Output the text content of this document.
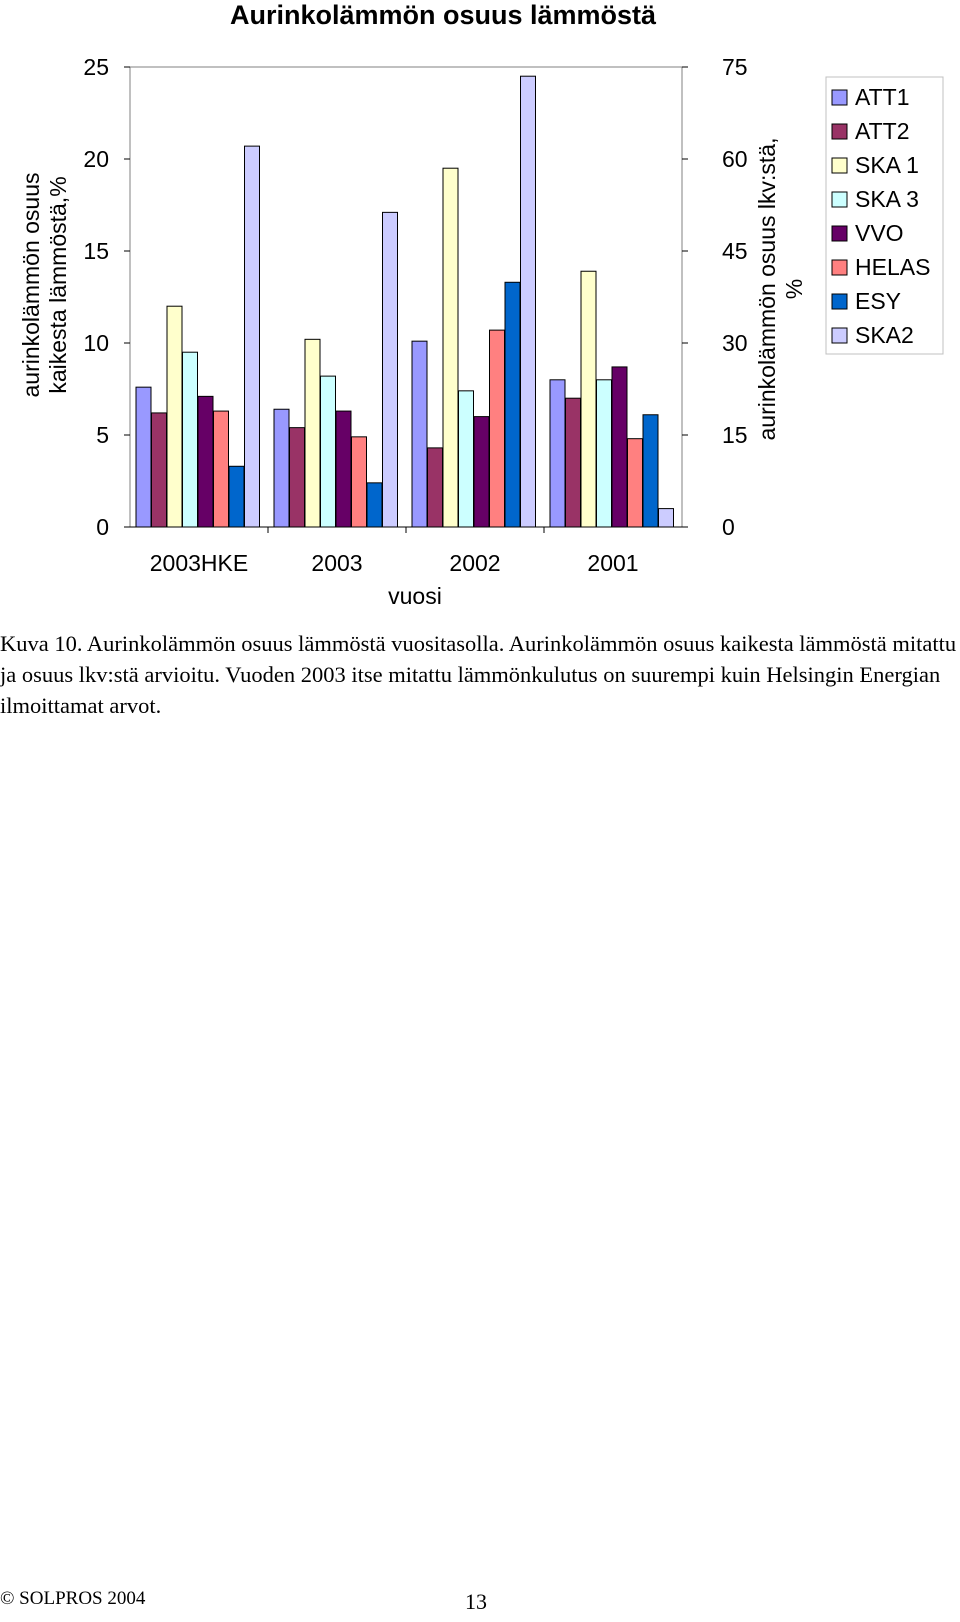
Aurinkolämmön osuus lämmöstä
aurinkolämmön osuus kaikesta lämmöstä,%	aurinkolämmön osuus lkv:stä, %
vuosi
0
5
10
15
20
25
0
15
30
45
60
75
2003HKE	2003	2002	2001
ATT1
ATT2
SKA 1
SKA 3
VVO
HELAS
ESY
SKA2
Kuva 10. Aurinkolämmön osuus lämmöstä vuositasolla. Aurinkolämmön osuus kaikesta lämmöstä mitattu ja osuus lkv:stä arvioitu. Vuoden 2003 itse mitattu lämmönkulutus on suurempi kuin Helsingin Energian ilmoittamat arvot.
© SOLPROS 2004	13
